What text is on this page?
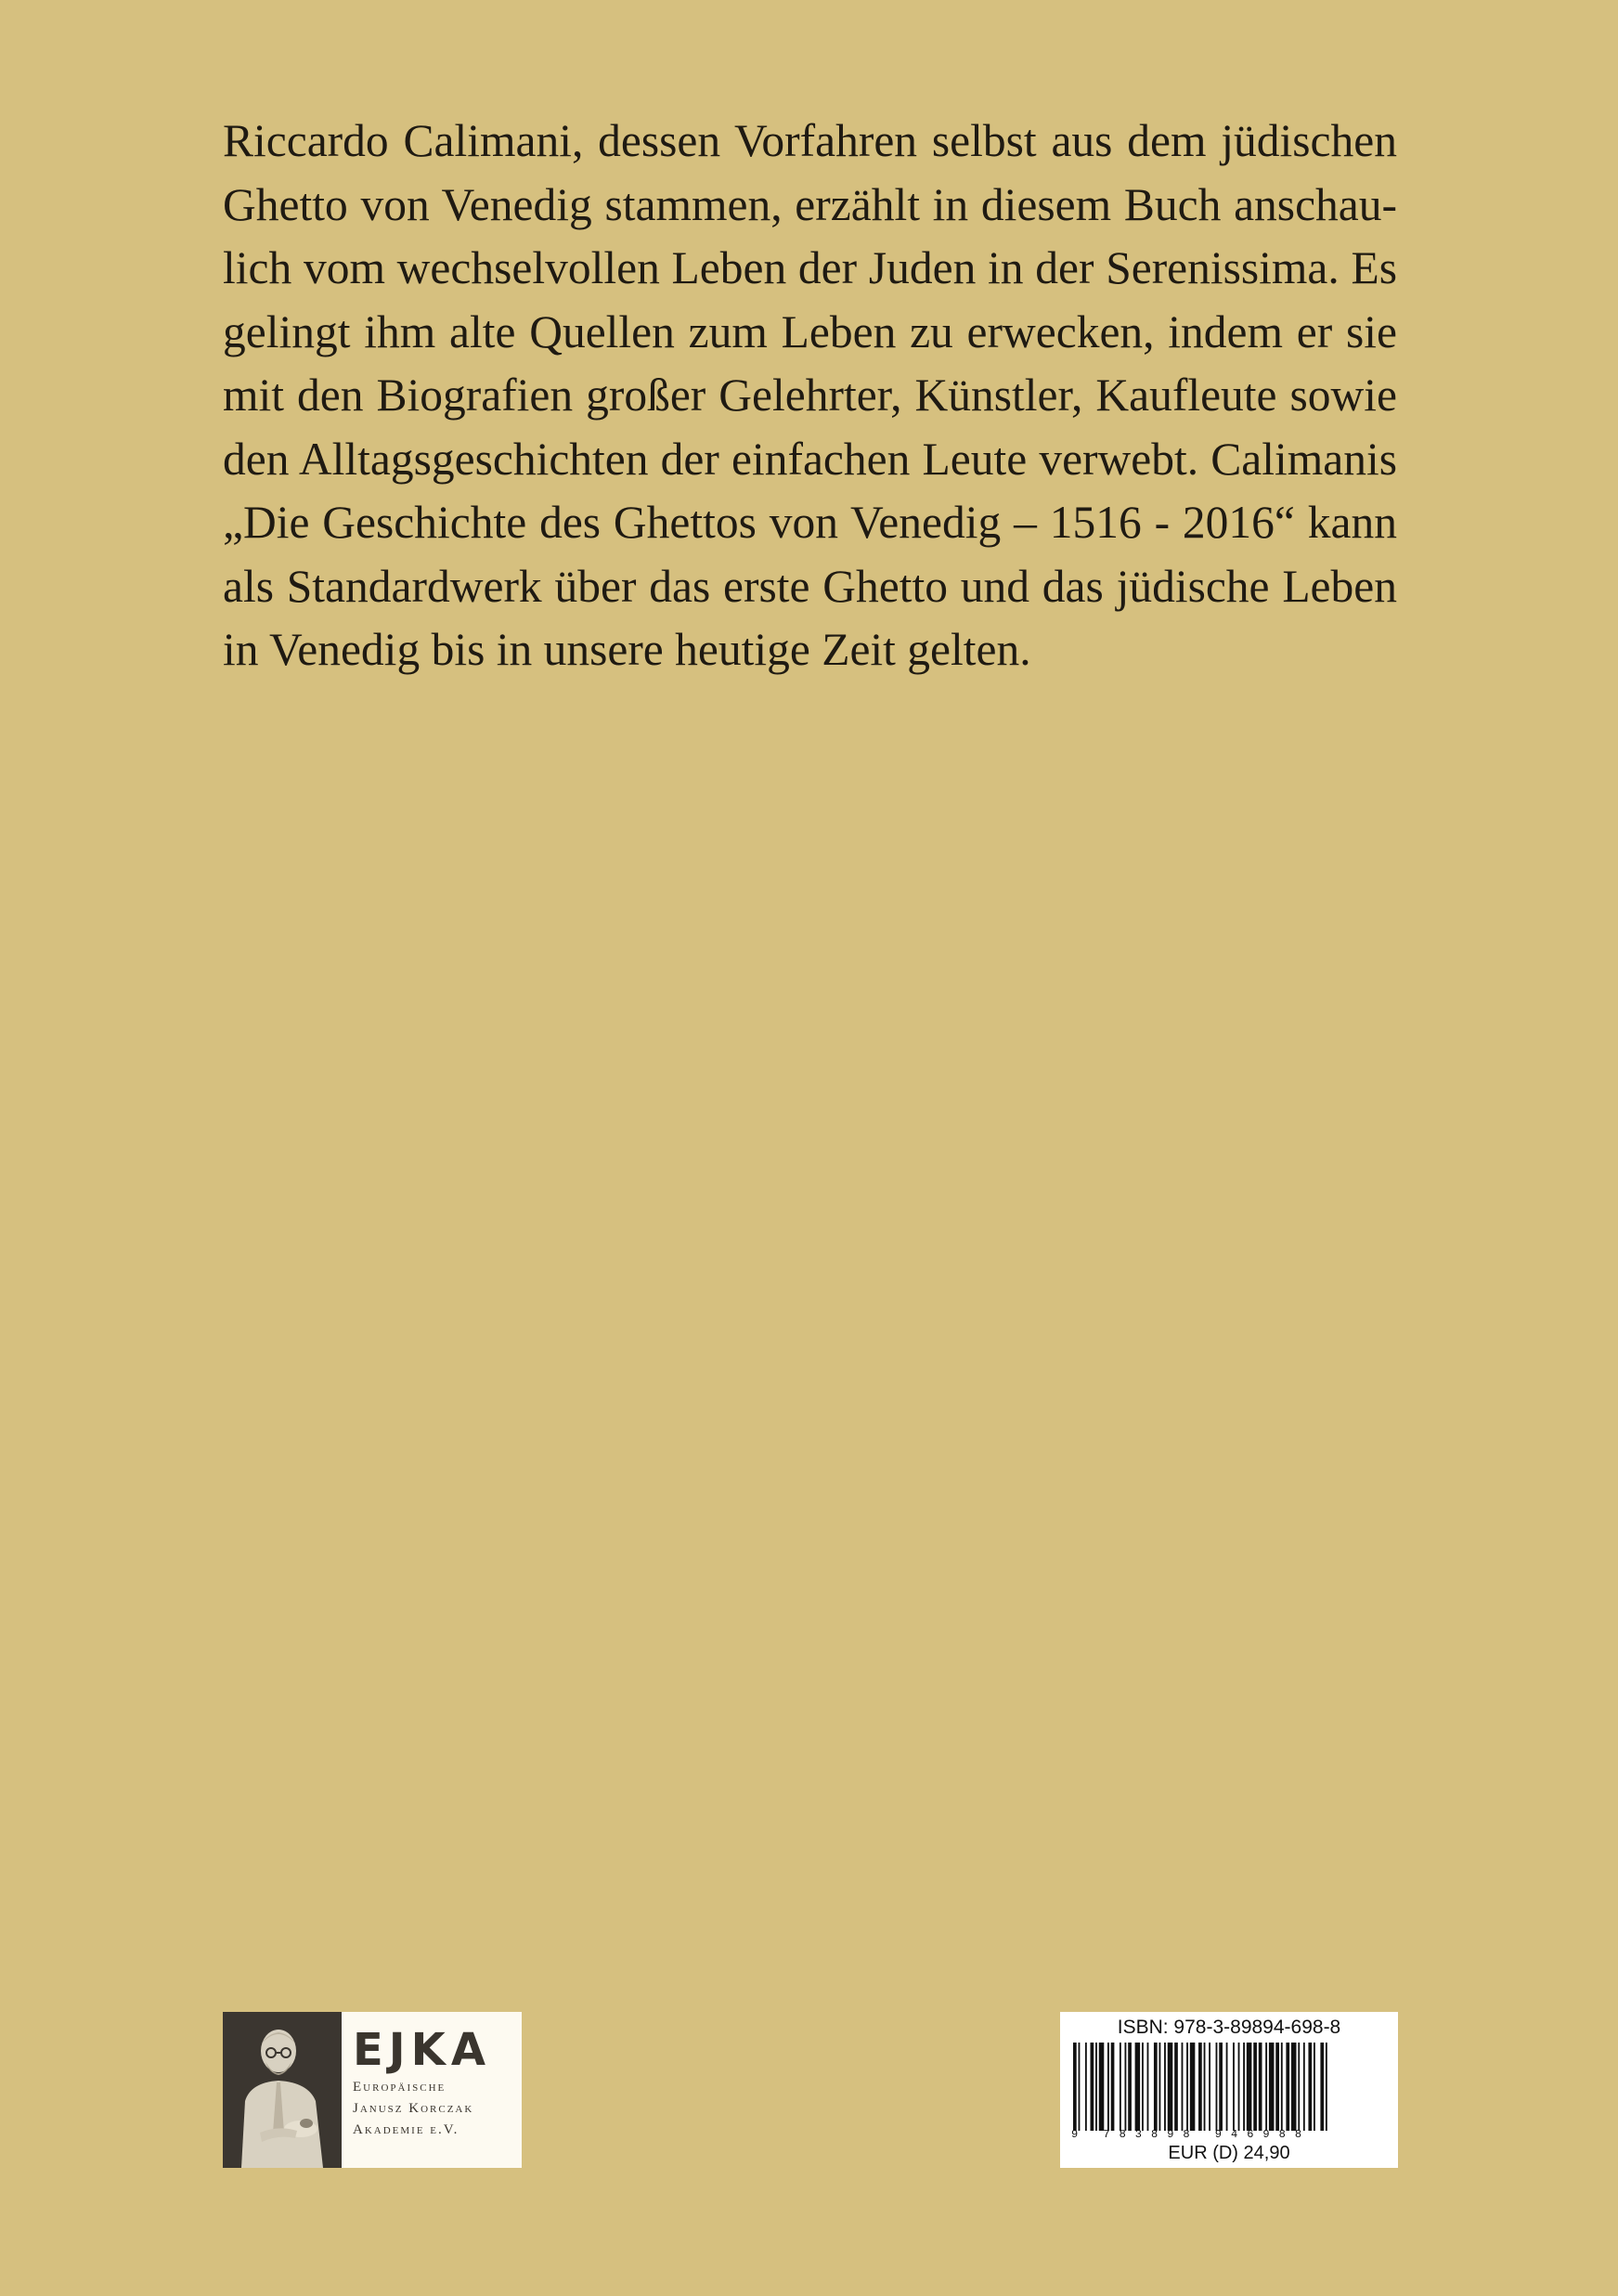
Riccardo Calimani, dessen Vorfahren selbst aus dem jüdischen
Ghetto von Venedig stammen, erzählt in diesem Buch anschau-
lich vom wechselvollen Leben der Juden in der Serenissima. Es
gelingt ihm alte Quellen zum Leben zu erwecken, indem er sie
mit den Biografien großer Gelehrter, Künstler, Kaufleute sowie
den Alltagsgeschichten der einfachen Leute verwebt. Calimanis
„Die Geschichte des Ghettos von Venedig – 1516 - 2016“ kann
als Standardwerk über das erste Ghetto und das jüdische Leben
in Venedig bis in unsere heutige Zeit gelten.
EJKA
Europäische
Janusz Korczak
Akademie e.V.
ISBN: 978-3-89894-698-8
9 783898 946988
EUR (D) 24,90
